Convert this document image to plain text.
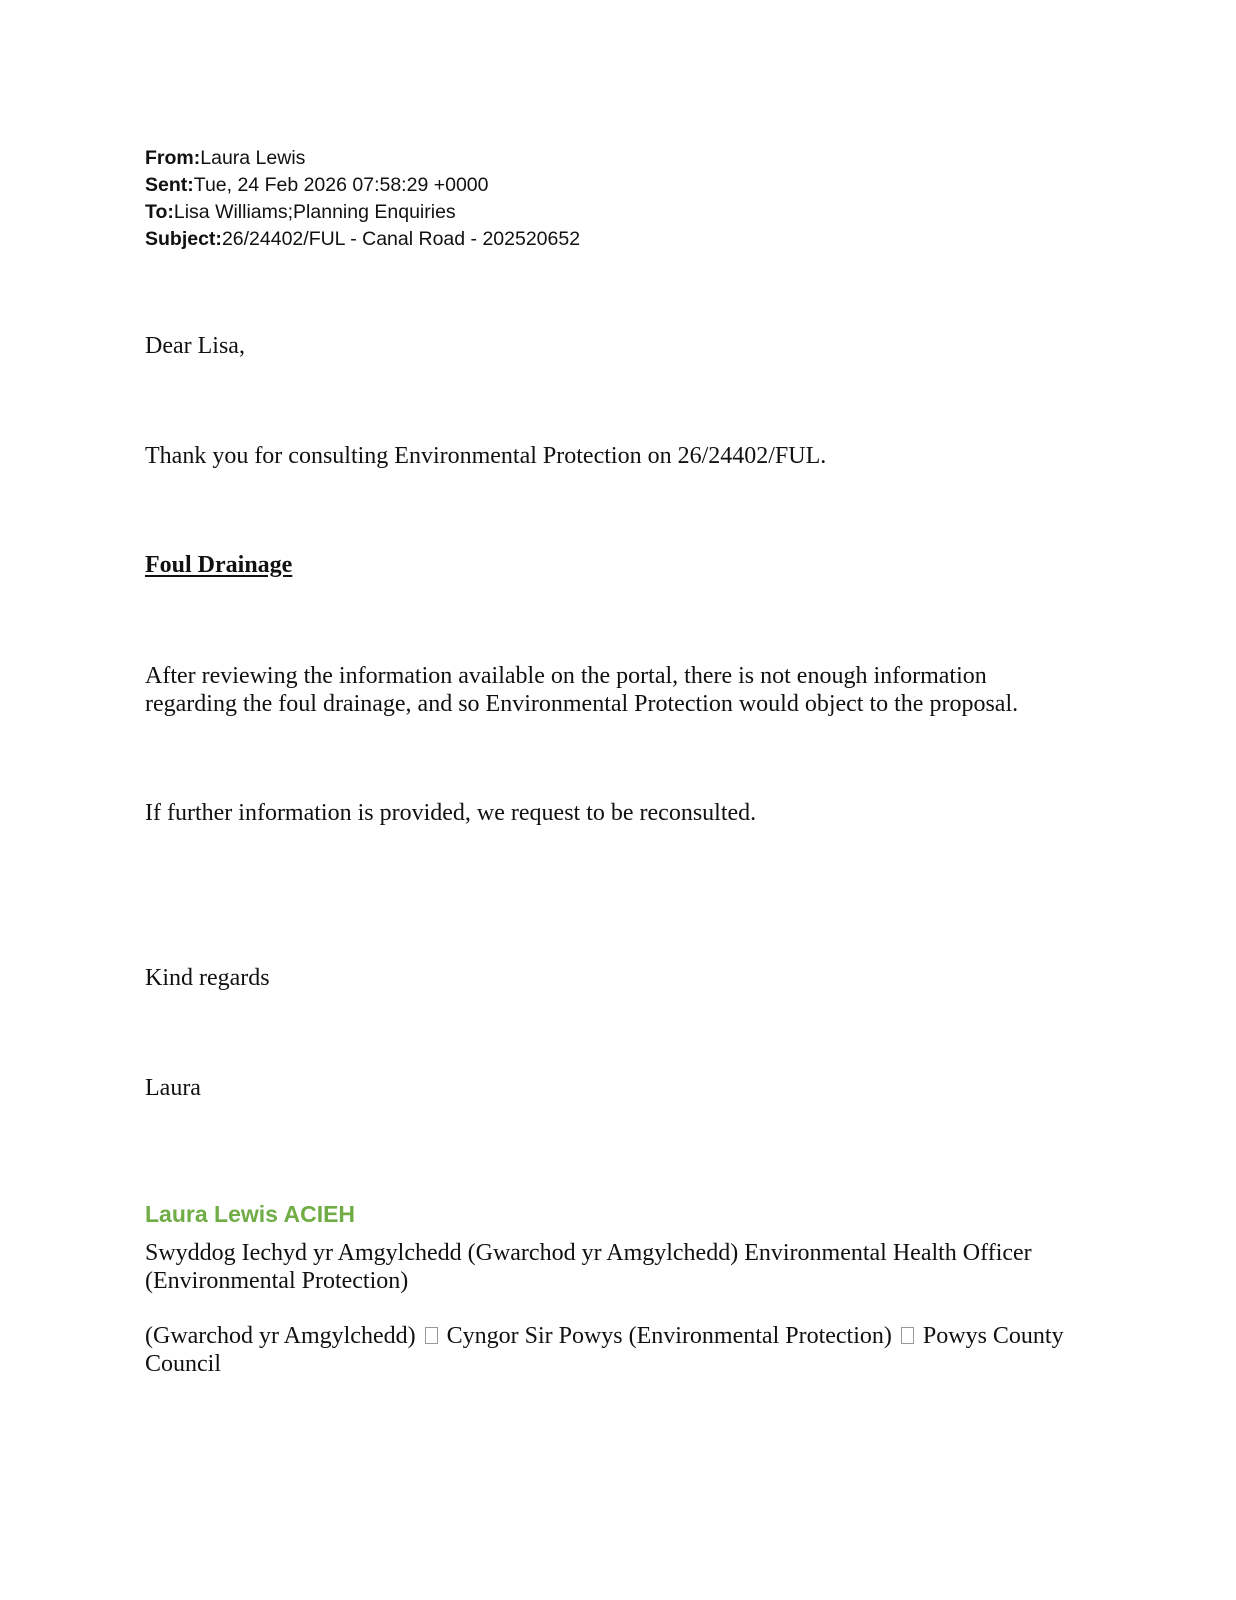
From:Laura Lewis
Sent:Tue, 24 Feb 2026 07:58:29 +0000
To:Lisa Williams;Planning Enquiries
Subject:26/24402/FUL - Canal Road - 202520652
Dear Lisa,
Thank you for consulting Environmental Protection on 26/24402/FUL.
Foul Drainage
After reviewing the information available on the portal, there is not enough information
regarding the foul drainage, and so Environmental Protection would object to the proposal.
If further information is provided, we request to be reconsulted.
Kind regards
Laura
Laura Lewis ACIEH
Swyddog Iechyd yr Amgylchedd (Gwarchod yr Amgylchedd) Environmental Health Officer
(Environmental Protection)
(Gwarchod yr Amgylchedd) Cyngor Sir Powys (Environmental Protection) Powys County
Council
